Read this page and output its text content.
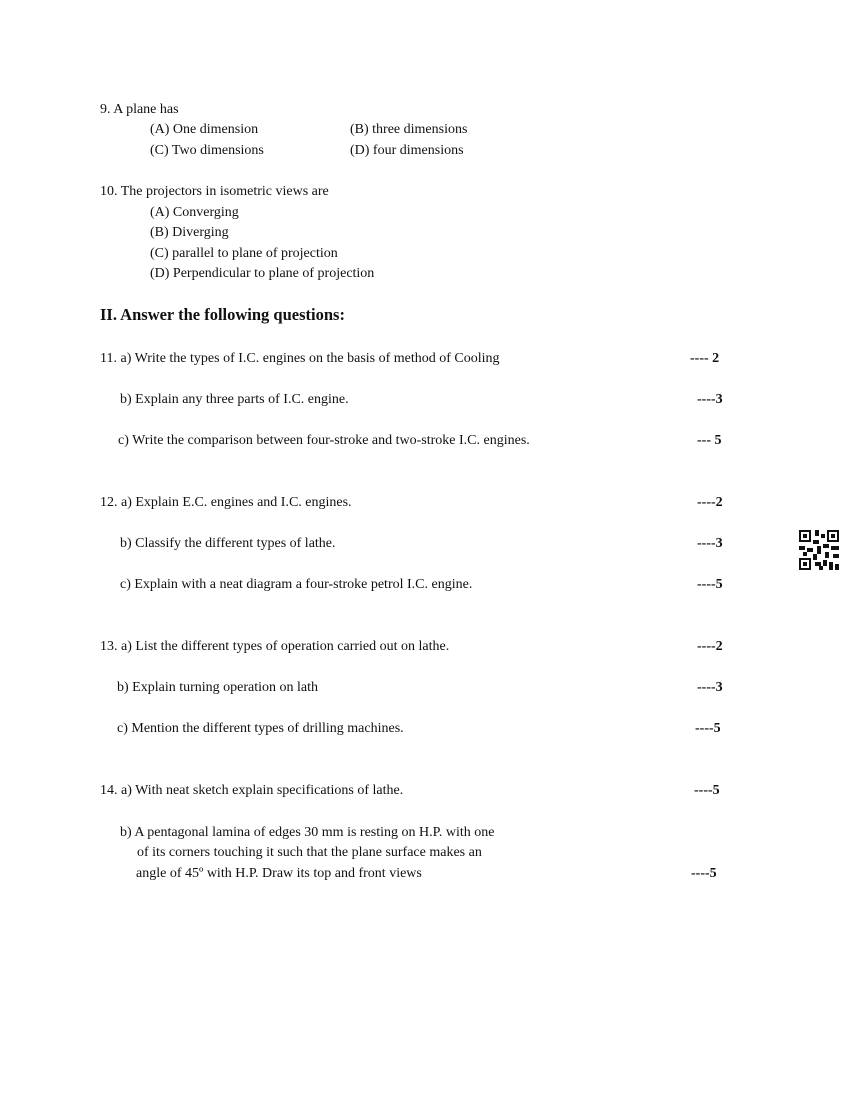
9. A plane has
(A) One dimension	(B) three dimensions
(C) Two dimensions	(D) four dimensions
10. The projectors in isometric views are
(A) Converging
(B) Diverging
(C) parallel to plane of projection
(D) Perpendicular to plane of projection
II. Answer the following questions:
11. a) Write the types of I.C. engines on the basis of method of Cooling	---- 2
b) Explain any three parts of I.C. engine.	----3
c) Write the comparison between four-stroke and two-stroke I.C. engines.	--- 5
12. a) Explain E.C. engines and I.C. engines.	----2
b) Classify the different types of lathe.	----3
c) Explain with a neat diagram a four-stroke petrol I.C. engine.	----5
13. a) List the different types of operation carried out on lathe.	----2
b) Explain turning operation on lath	----3
c) Mention the different types of drilling machines.	----5
14. a) With neat sketch explain specifications of lathe.	----5
b) A pentagonal lamina of edges 30 mm is resting on H.P. with one
of its corners touching it such that the plane surface makes an
angle of 45º with H.P. Draw its top and front views	----5
